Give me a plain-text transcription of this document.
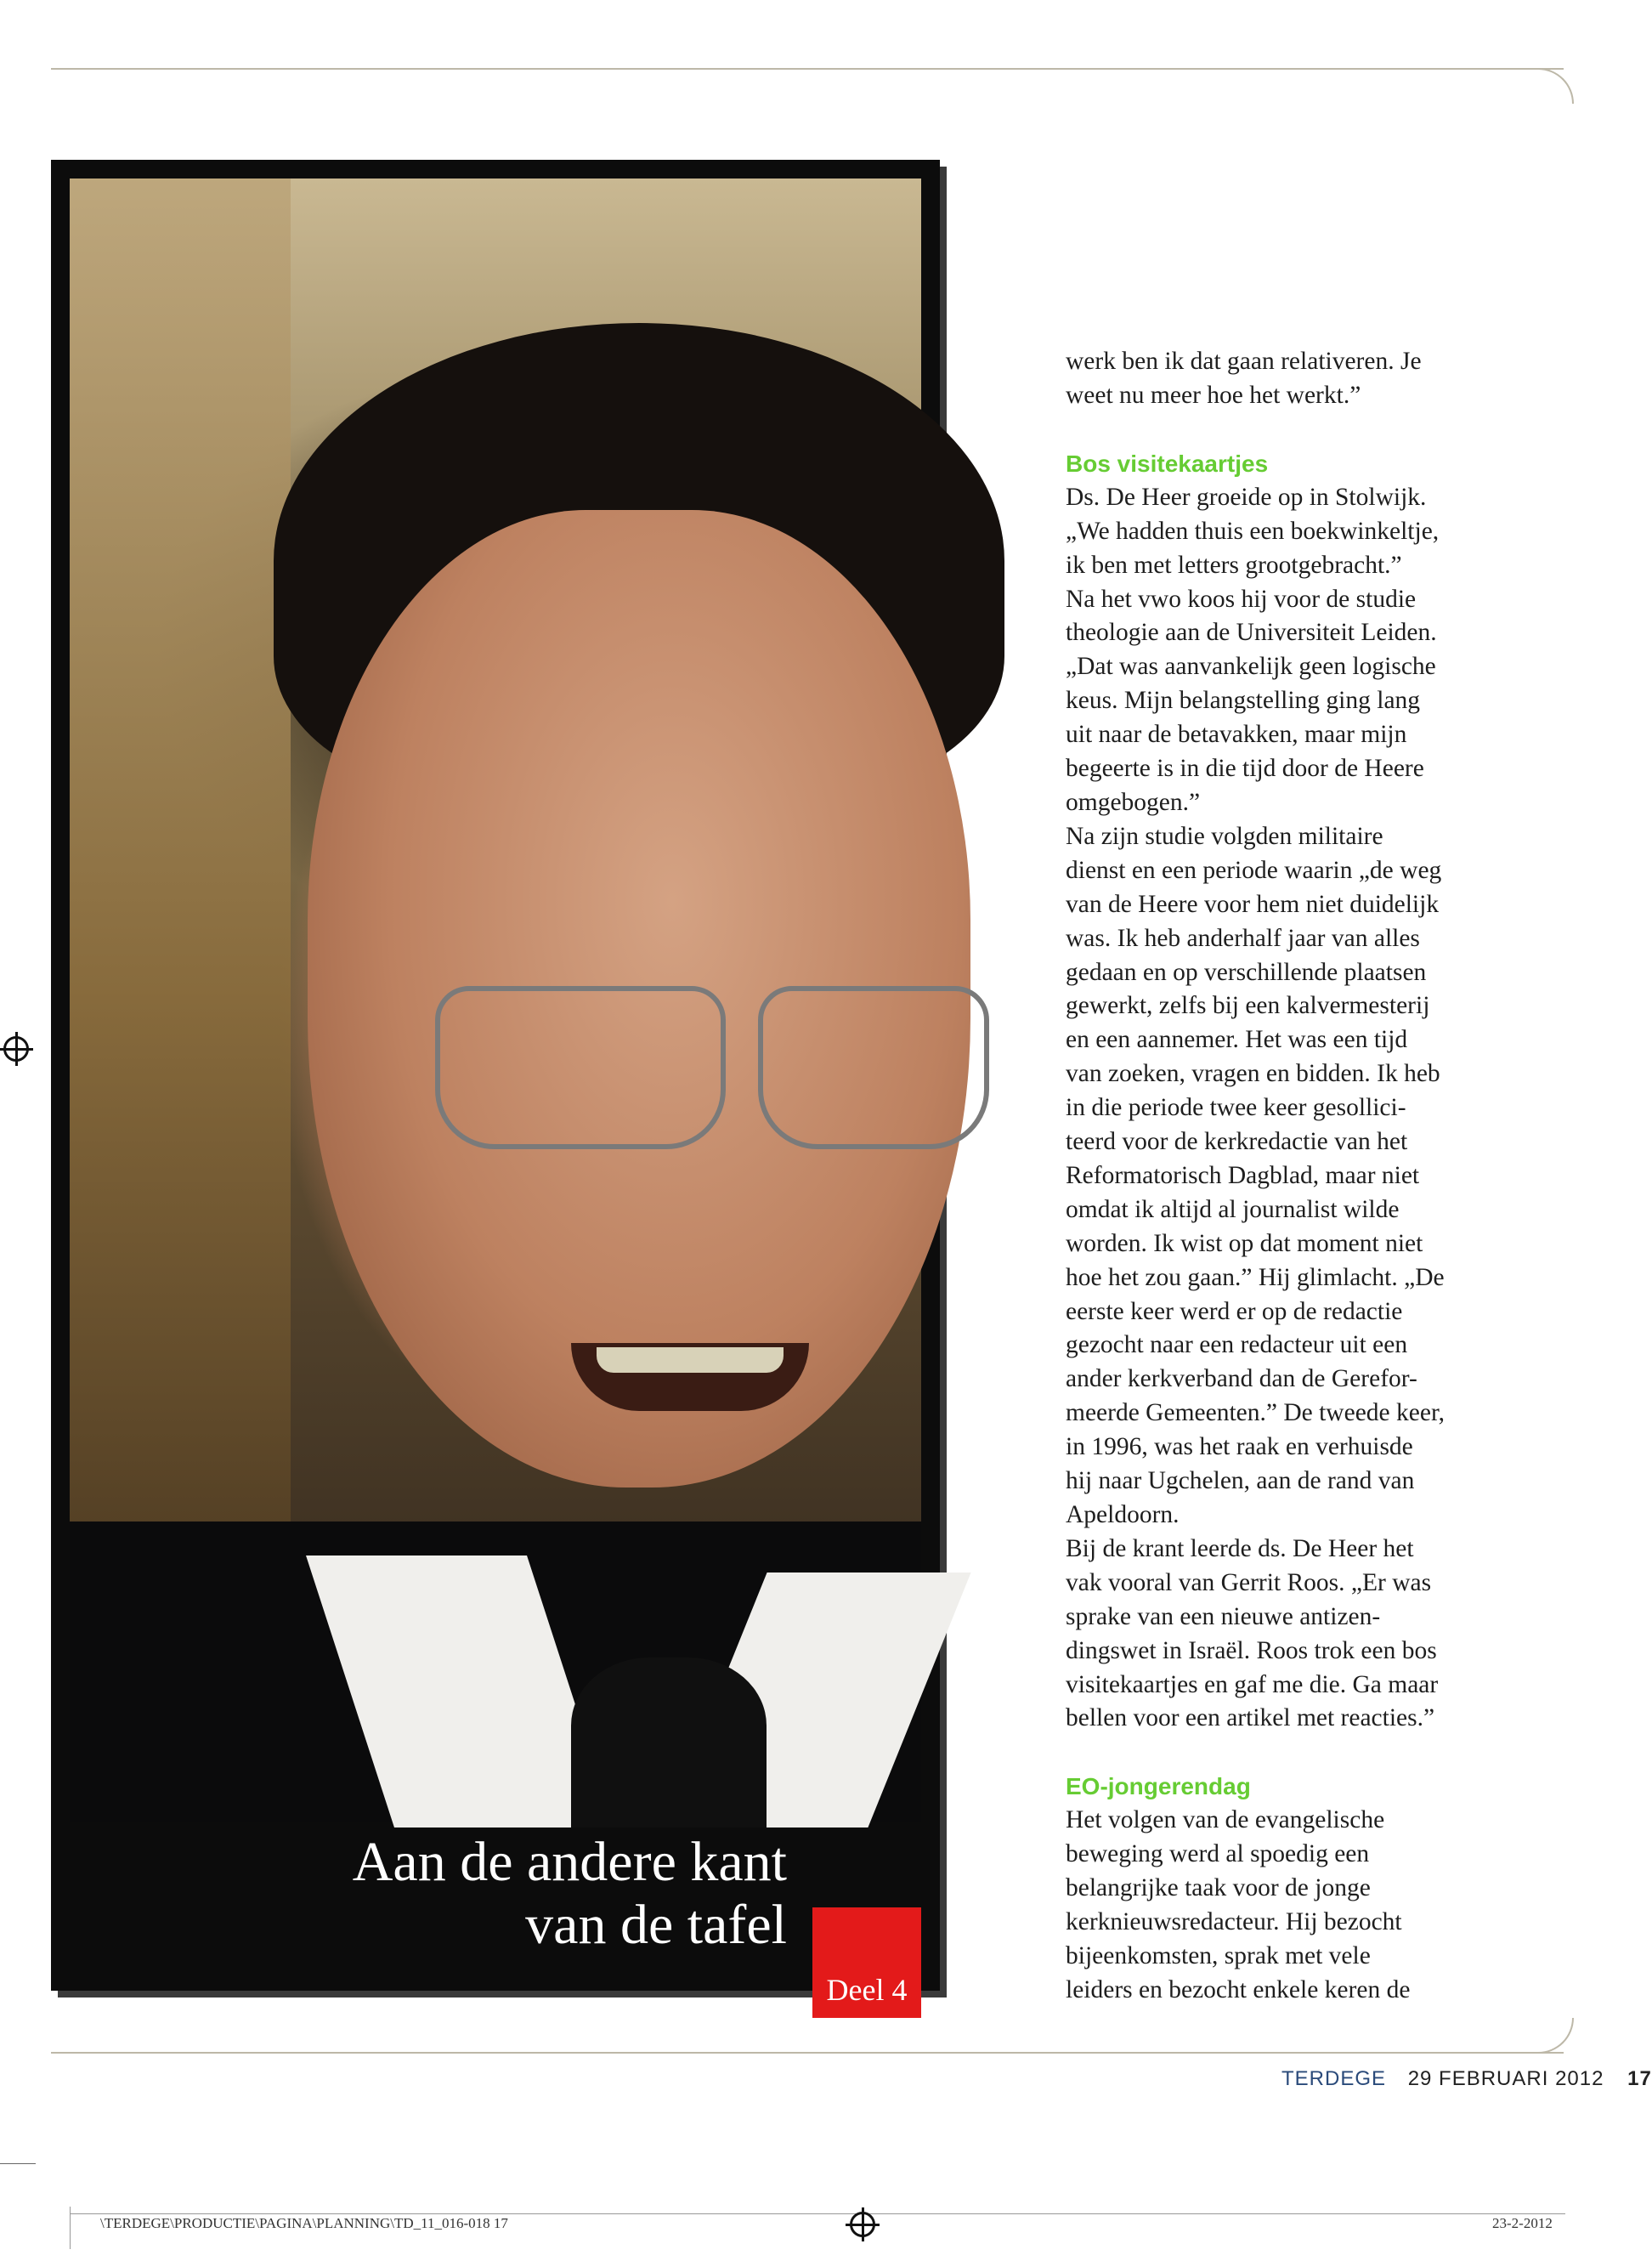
Aan de andere kant
van de tafel
Deel 4

werk ben ik dat gaan relativeren. Je
weet nu meer hoe het werkt.”

Bos visitekaartjes

Ds. De Heer groeide op in Stolwijk.
„We hadden thuis een boekwinkeltje,
ik ben met letters grootgebracht.”
Na het vwo koos hij voor de studie
theologie aan de Universiteit Leiden.
„Dat was aanvankelijk geen logische
keus. Mijn belangstelling ging lang
uit naar de betavakken, maar mijn
begeerte is in die tijd door de Heere
omgebogen.”
Na zijn studie volgden militaire
dienst en een periode waarin „de weg
van de Heere voor hem niet duidelijk
was. Ik heb anderhalf jaar van alles
gedaan en op verschillende plaatsen
gewerkt, zelfs bij een kalvermesterij
en een aannemer. Het was een tijd
van zoeken, vragen en bidden. Ik heb
in die periode twee keer gesollici-
teerd voor de kerkredactie van het
Reformatorisch Dagblad, maar niet
omdat ik altijd al journalist wilde
worden. Ik wist op dat moment niet
hoe het zou gaan.” Hij glimlacht. „De
eerste keer werd er op de redactie
gezocht naar een redacteur uit een
ander kerkverband dan de Gerefor-
meerde Gemeenten.” De tweede keer,
in 1996, was het raak en verhuisde
hij naar Ugchelen, aan de rand van
Apeldoorn.
Bij de krant leerde ds. De Heer het
vak vooral van Gerrit Roos. „Er was
sprake van een nieuwe antizen-
dingswet in Israël. Roos trok een bos
visitekaartjes en gaf me die. Ga maar
bellen voor een artikel met reacties.”

EO-jongerendag

Het volgen van de evangelische
beweging werd al spoedig een
belangrijke taak voor de jonge
kerknieuwsredacteur. Hij bezocht
bijeenkomsten, sprak met vele
leiders en bezocht enkele keren de

TERDEGE 29 FEBRUARI 2012 17
\TERDEGE\PRODUCTIE\PAGINA\PLANNING\TD_11_016-018 17	23-2-2012
